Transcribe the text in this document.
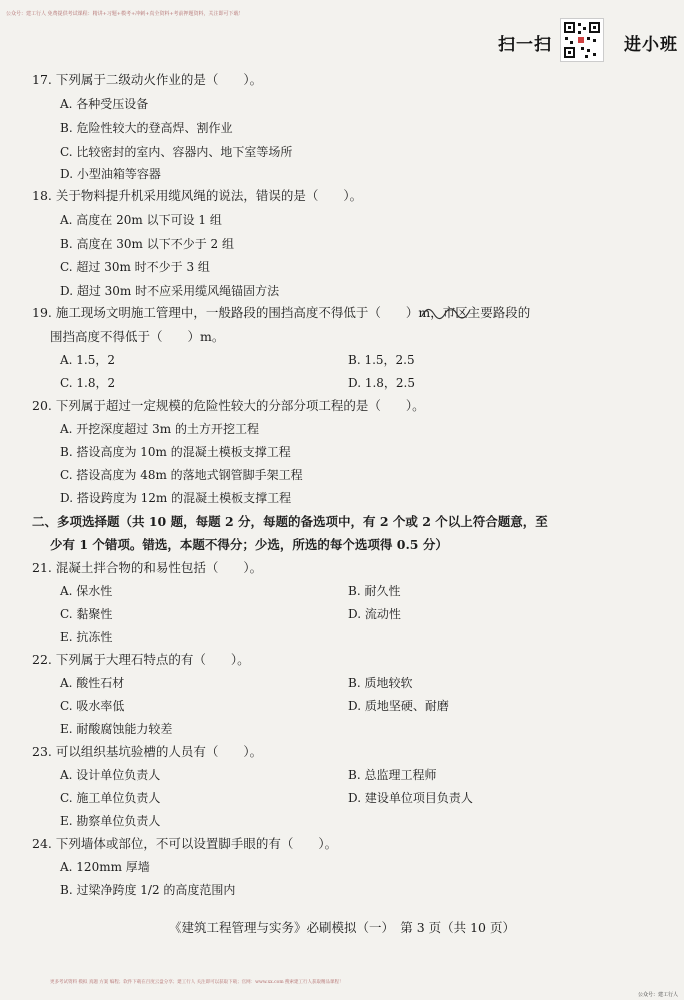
公众号：建工行人 免费提供考试课程：精讲+习题+模考+冲刺+真全资料+考前押题资料，关注即可下载！
扫一扫	进小班
17. 下列属于二级动火作业的是（　　）。
A. 各种受压设备
B. 危险性较大的登高焊、割作业
C. 比较密封的室内、容器内、地下室等场所
D. 小型油箱等容器
18. 关于物料提升机采用缆风绳的说法，错误的是（　　）。
A. 高度在 20m 以下可设 1 组
B. 高度在 30m 以下不少于 2 组
C. 超过 30m 时不少于 3 组
D. 超过 30m 时不应采用缆风绳锚固方法
19. 施工现场文明施工管理中，一般路段的围挡高度不得低于（　　）m，市区主要路段的
围挡高度不得低于（　　）m。
A. 1.5，2	B. 1.5，2.5
C. 1.8，2	D. 1.8，2.5
20. 下列属于超过一定规模的危险性较大的分部分项工程的是（　　）。
A. 开挖深度超过 3m 的土方开挖工程
B. 搭设高度为 10m 的混凝土模板支撑工程
C. 搭设高度为 48m 的落地式钢管脚手架工程
D. 搭设跨度为 12m 的混凝土模板支撑工程
二、多项选择题（共 10 题，每题 2 分，每题的备选项中，有 2 个或 2 个以上符合题意，至
少有 1 个错项。错选，本题不得分；少选，所选的每个选项得 0.5 分）
21. 混凝土拌合物的和易性包括（　　）。
A. 保水性	B. 耐久性
C. 黏聚性	D. 流动性
E. 抗冻性
22. 下列属于大理石特点的有（　　）。
A. 酸性石材	B. 质地较软
C. 吸水率低	D. 质地坚硬、耐磨
E. 耐酸腐蚀能力较差
23. 可以组织基坑验槽的人员有（　　）。
A. 设计单位负责人	B. 总监理工程师
C. 施工单位负责人	D. 建设单位项目负责人
E. 勘察单位负责人
24. 下列墙体或部位，不可以设置脚手眼的有（　　）。
A. 120mm 厚墙
B. 过梁净跨度 1/2 的高度范围内
《建筑工程管理与实务》必刷模拟（一）　第 3 页（共 10 页）
更多考试资料 模拟 真题 方案 编程；软件下载在百度云盘分享；建工行人 关注即可以获取下载；官网：www.xx.com 搜索建工行人获取精品课程！
公众号：建工行人
